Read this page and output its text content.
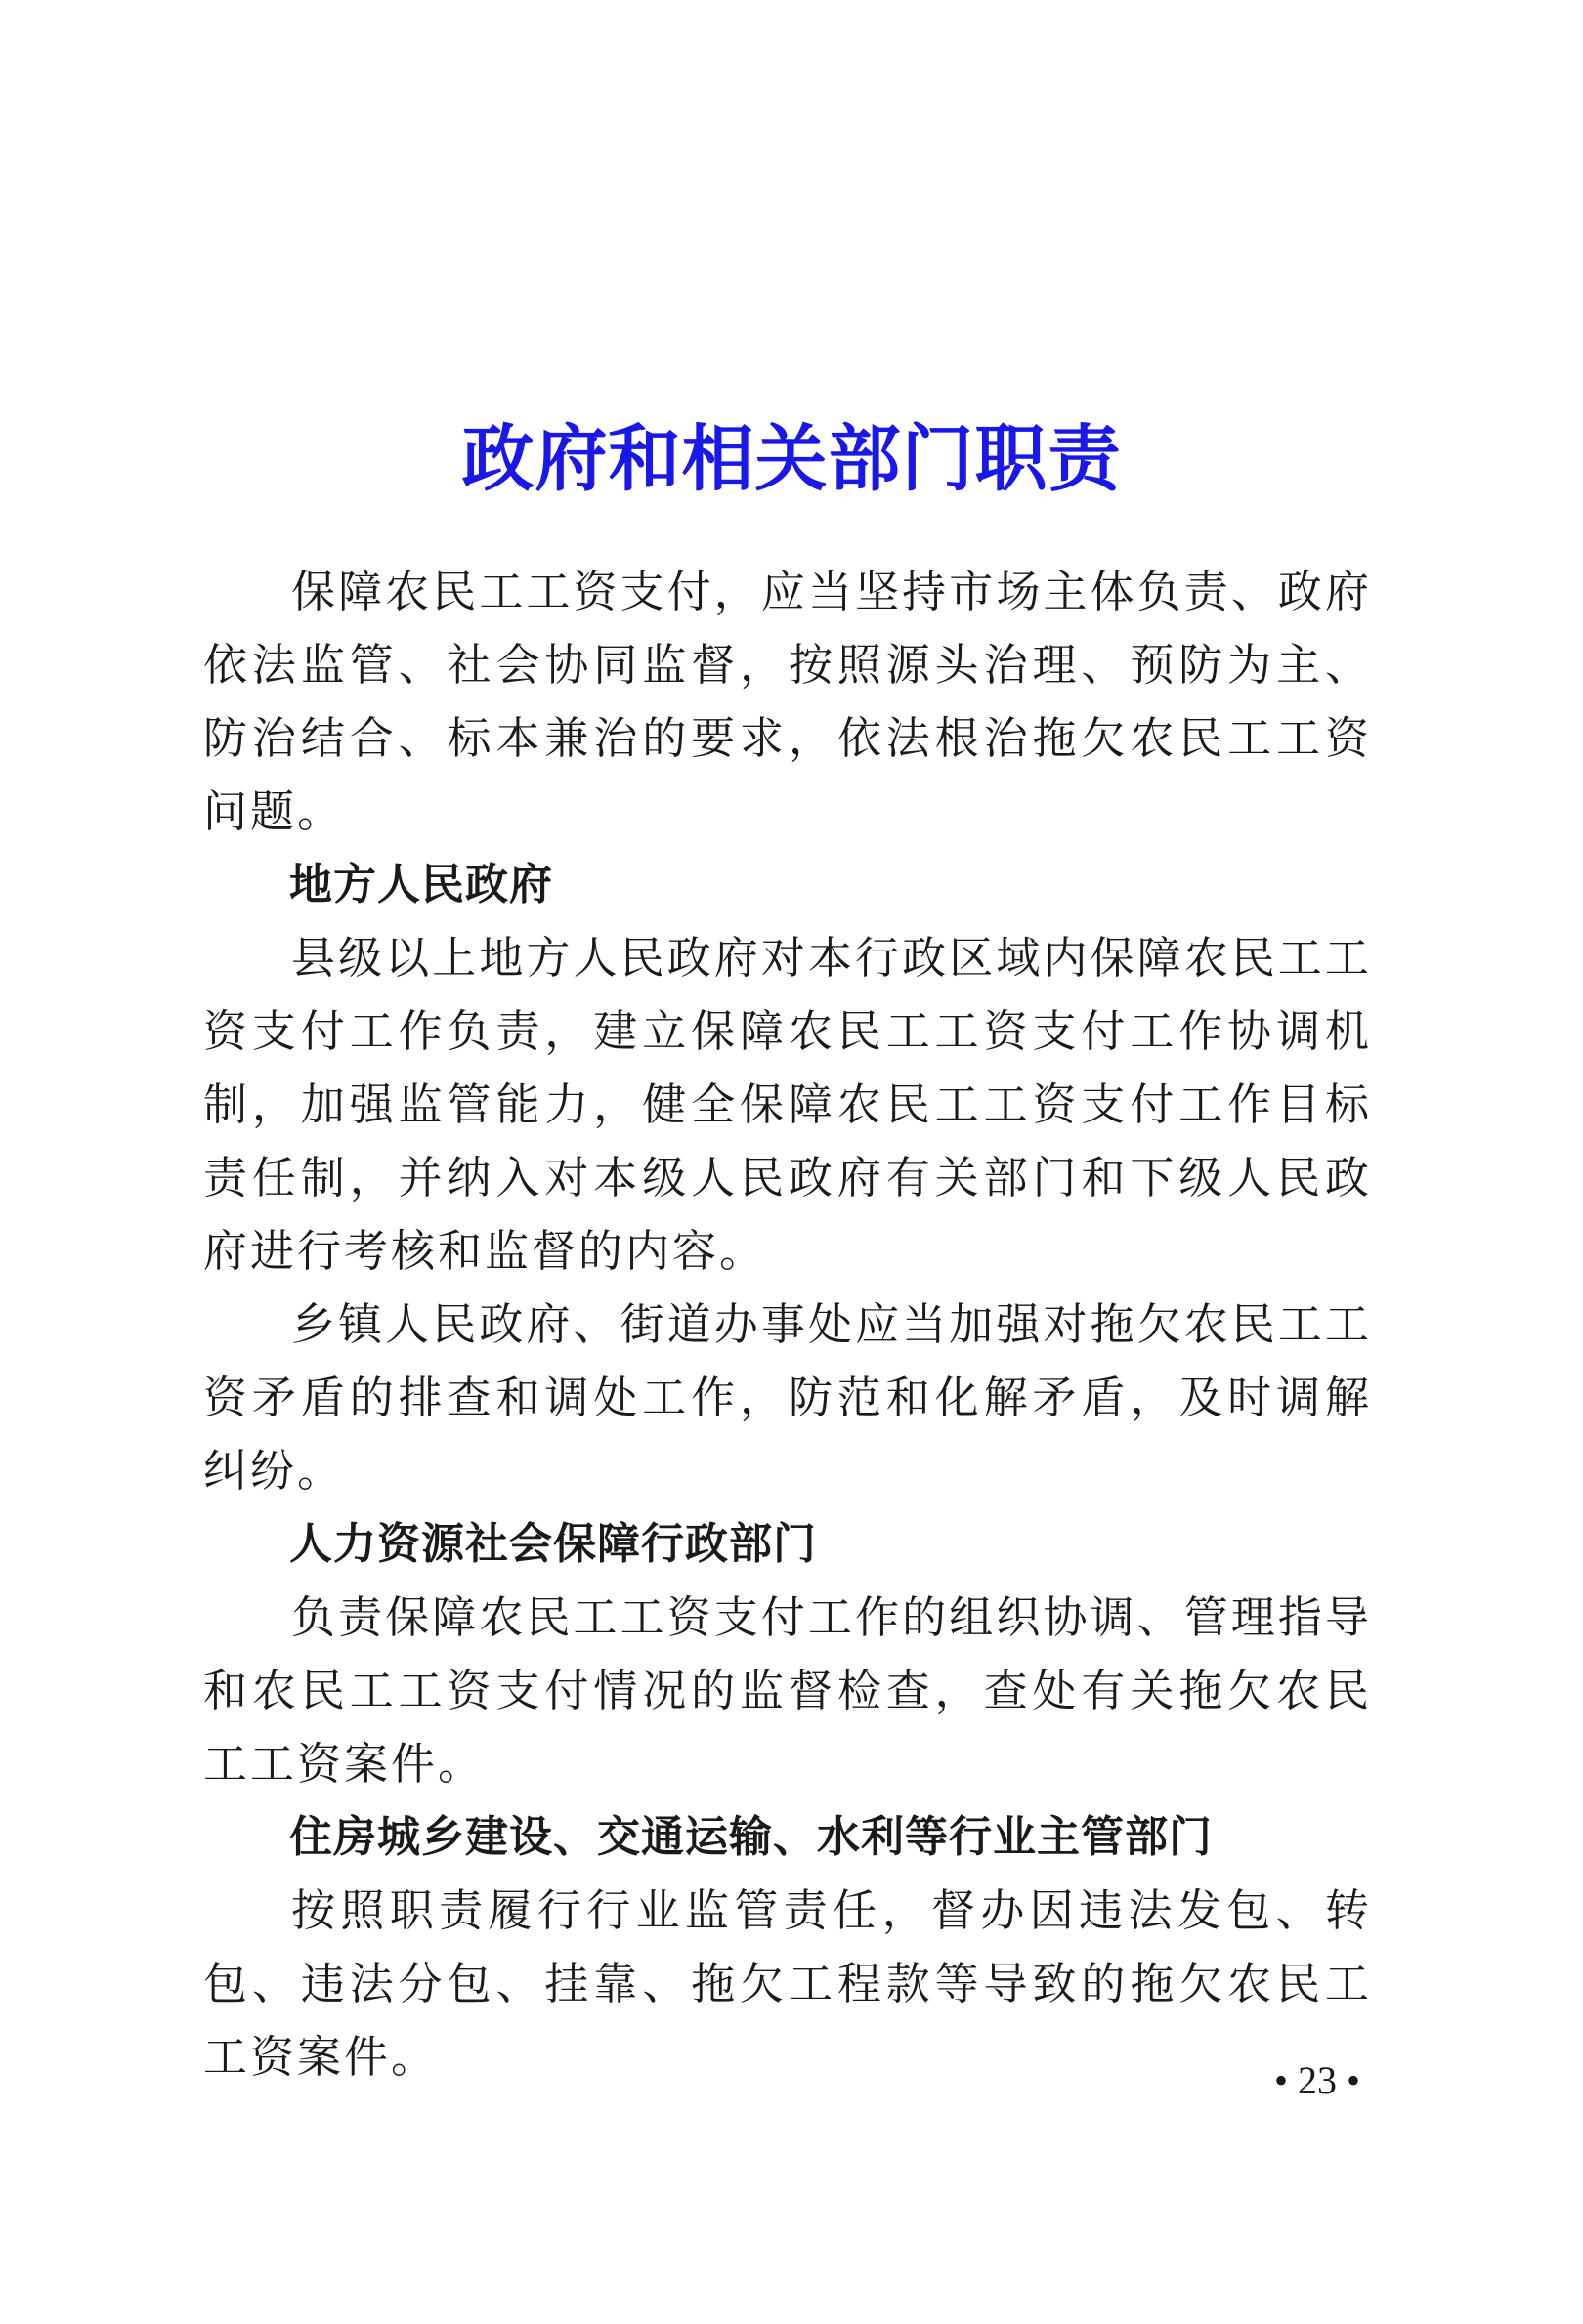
政府和相关部门职责

保障农民工工资支付，应当坚持市场主体负责、政府依法监管、社会协同监督，按照源头治理、预防为主、防治结合、标本兼治的要求，依法根治拖欠农民工工资问题。

地方人民政府

县级以上地方人民政府对本行政区域内保障农民工工资支付工作负责，建立保障农民工工资支付工作协调机制，加强监管能力，健全保障农民工工资支付工作目标责任制，并纳入对本级人民政府有关部门和下级人民政府进行考核和监督的内容。

乡镇人民政府、街道办事处应当加强对拖欠农民工工资矛盾的排查和调处工作，防范和化解矛盾，及时调解纠纷。

人力资源社会保障行政部门

负责保障农民工工资支付工作的组织协调、管理指导和农民工工资支付情况的监督检查，查处有关拖欠农民工工资案件。

住房城乡建设、交通运输、水利等行业主管部门

按照职责履行行业监管责任，督办因违法发包、转包、违法分包、挂靠、拖欠工程款等导致的拖欠农民工工资案件。	• 23 •
